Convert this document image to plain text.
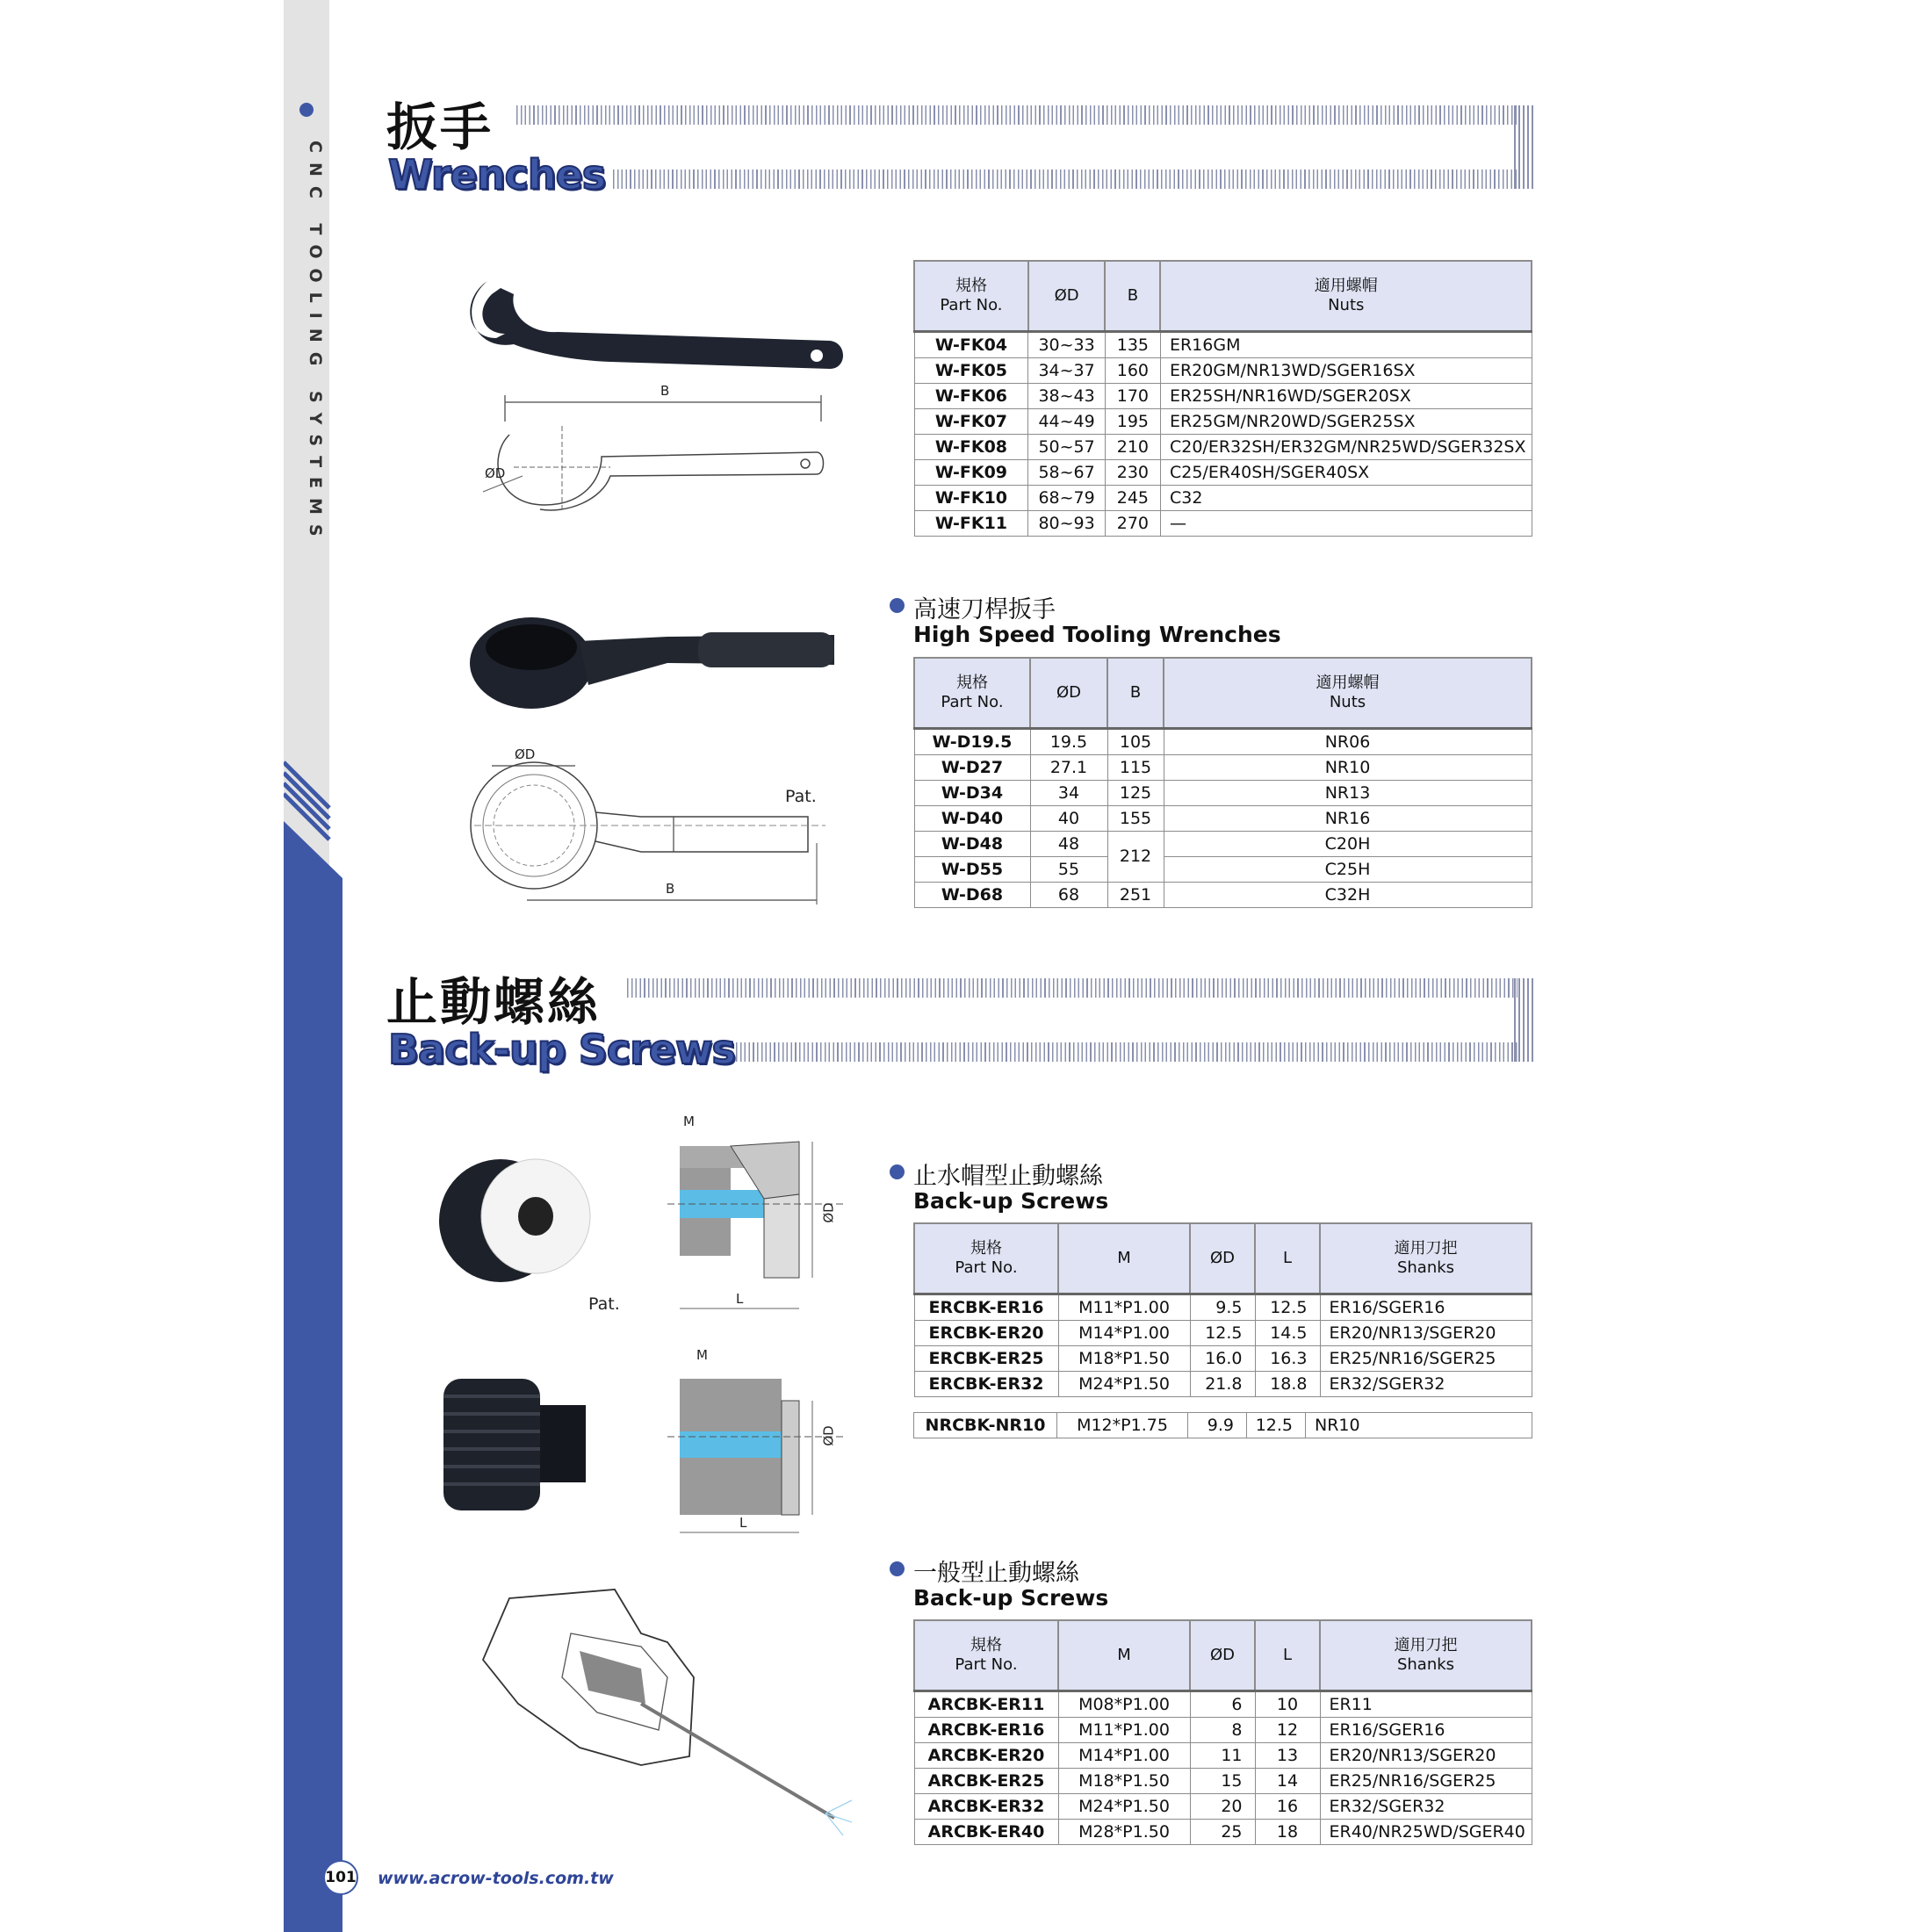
CNC TOOLING SYSTEMS
扳手
Wrenches
B
ØD
規格
Part No.	ØD	B	適用螺帽
Nuts
W-FK04	30~33	135	ER16GM
W-FK05	34~37	160	ER20GM/NR13WD/SGER16SX
W-FK06	38~43	170	ER25SH/NR16WD/SGER20SX
W-FK07	44~49	195	ER25GM/NR20WD/SGER25SX
W-FK08	50~57	210	C20/ER32SH/ER32GM/NR25WD/SGER32SX
W-FK09	58~67	230	C25/ER40SH/SGER40SX
W-FK10	68~79	245	C32
W-FK11	80~93	270	—
高速刀桿扳手
High Speed Tooling Wrenches
ØD
Pat.
B
規格
Part No.	ØD	B	適用螺帽
Nuts
W-D19.5	19.5	105	NR06
W-D27	27.1	115	NR10
W-D34	34	125	NR13
W-D40	40	155	NR16
W-D48	48	212	C20H
W-D55	55		C25H
W-D68	68	251	C32H
止動螺絲
Back-up Screws
Pat.
M
ØD
L
M
ØD
L
止水帽型止動螺絲
Back-up Screws
規格
Part No.	M	ØD	L	適用刀把
Shanks
ERCBK-ER16	M11*P1.00	9.5	12.5	ER16/SGER16
ERCBK-ER20	M14*P1.00	12.5	14.5	ER20/NR13/SGER20
ERCBK-ER25	M18*P1.50	16.0	16.3	ER25/NR16/SGER25
ERCBK-ER32	M24*P1.50	21.8	18.8	ER32/SGER32
NRCBK-NR10	M12*P1.75	9.9	12.5	NR10
一般型止動螺絲
Back-up Screws
規格
Part No.	M	ØD	L	適用刀把
Shanks
ARCBK-ER11	M08*P1.00	6	10	ER11
ARCBK-ER16	M11*P1.00	8	12	ER16/SGER16
ARCBK-ER20	M14*P1.00	11	13	ER20/NR13/SGER20
ARCBK-ER25	M18*P1.50	15	14	ER25/NR16/SGER25
ARCBK-ER32	M24*P1.50	20	16	ER32/SGER32
ARCBK-ER40	M28*P1.50	25	18	ER40/NR25WD/SGER40
101 www.acrow-tools.com.tw
